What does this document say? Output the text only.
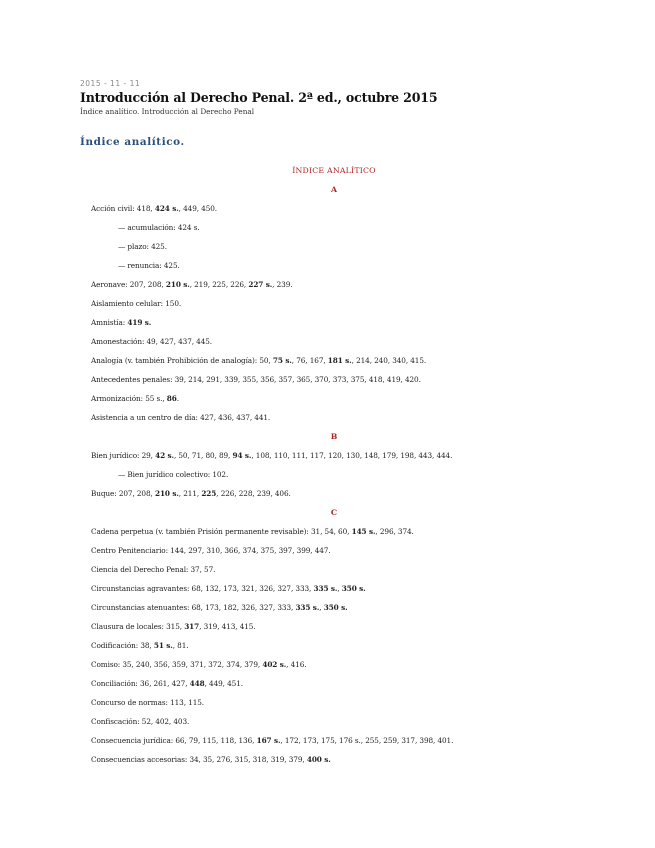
2015 - 11 - 11
Introducción al Derecho Penal. 2ª ed., octubre 2015
Índice analítico. Introducción al Derecho Penal
Índice analítico.
ÍNDICE ANALÍTICO
A
Acción civil: 418, 424 s., 449, 450.
— acumulación: 424 s.
— plazo: 425.
— renuncia: 425.
Aeronave: 207, 208, 210 s., 219, 225, 226, 227 s., 239.
Aislamiento celular: 150.
Amnistía: 419 s.
Amonestación: 49, 427, 437, 445.
Analogía (v. también Prohibición de analogía): 50, 75 s., 76, 167, 181 s., 214, 240, 340, 415.
Antecedentes penales: 39, 214, 291, 339, 355, 356, 357, 365, 370, 373, 375, 418, 419, 420.
Armonización: 55 s., 86.
Asistencia a un centro de día: 427, 436, 437, 441.
B
Bien jurídico: 29, 42 s., 50, 71, 80, 89, 94 s., 108, 110, 111, 117, 120, 130, 148, 179, 198, 443, 444.
— Bien jurídico colectivo: 102.
Buque: 207, 208, 210 s., 211, 225, 226, 228, 239, 406.
C
Cadena perpetua (v. también Prisión permanente revisable): 31, 54, 60, 145 s., 296, 374.
Centro Penitenciario: 144, 297, 310, 366, 374, 375, 397, 399, 447.
Ciencia del Derecho Penal: 37, 57.
Circunstancias agravantes: 68, 132, 173, 321, 326, 327, 333, 335 s., 350 s.
Circunstancias atenuantes: 68, 173, 182, 326, 327, 333, 335 s., 350 s.
Clausura de locales: 315, 317, 319, 413, 415.
Codificación: 38, 51 s., 81.
Comiso: 35, 240, 356, 359, 371, 372, 374, 379, 402 s., 416.
Conciliación: 36, 261, 427, 448, 449, 451.
Concurso de normas: 113, 115.
Confiscación: 52, 402, 403.
Consecuencia jurídica: 66, 79, 115, 118, 136, 167 s., 172, 173, 175, 176 s., 255, 259, 317, 398, 401.
Consecuencias accesorias: 34, 35, 276, 315, 318, 319, 379, 400 s.
